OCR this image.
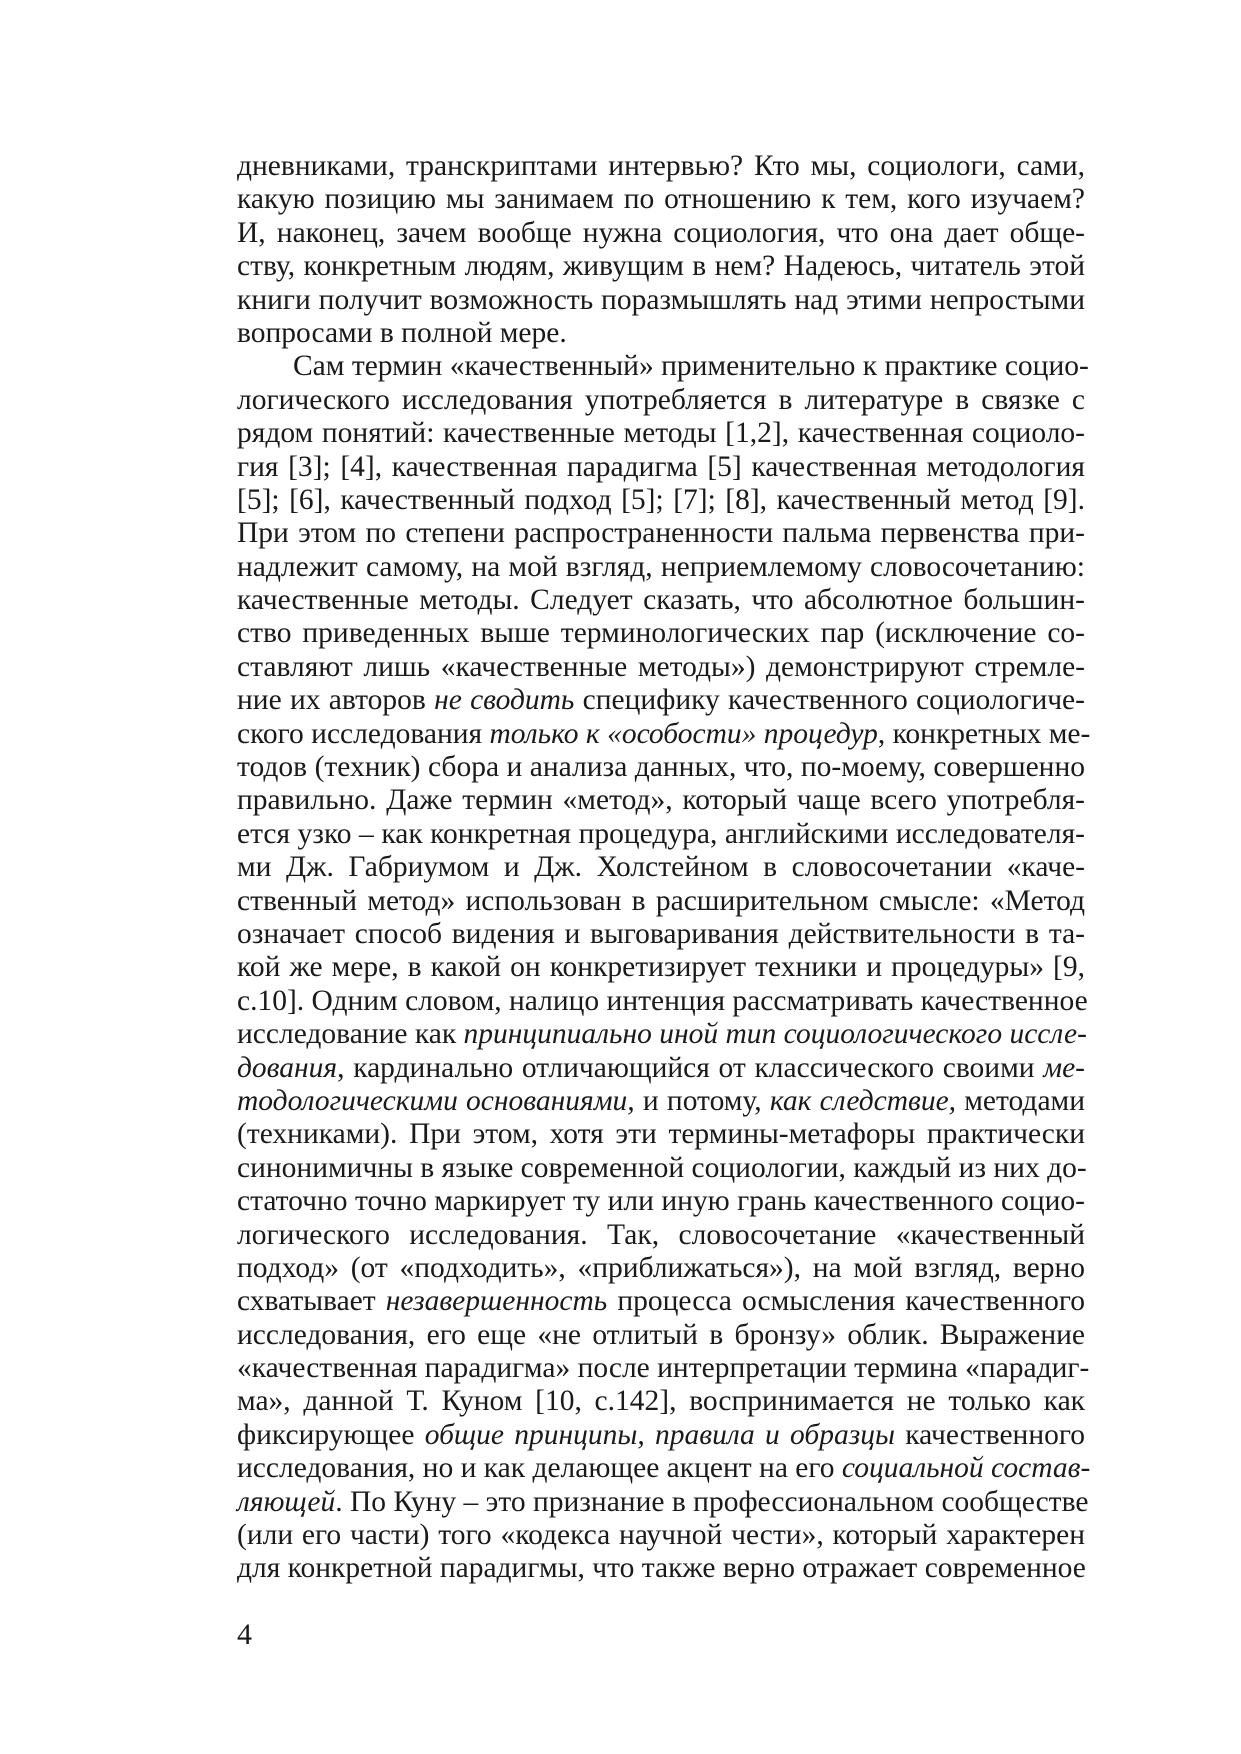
дневниками, транскриптами интервью? Кто мы, социологи, сами,
какую позицию мы занимаем по отношению к тем, кого изучаем?
И, наконец, зачем вообще нужна социология, что она дает обще-
ству, конкретным людям, живущим в нем? Надеюсь, читатель этой
книги получит возможность поразмышлять над этими непростыми
вопросами в полной мере.
Сам термин «качественный» применительно к практике социо-
логического исследования употребляется в литературе в связке с
рядом понятий: качественные методы [1,2], качественная социоло-
гия [3]; [4], качественная парадигма [5] качественная методология
[5]; [6], качественный подход [5]; [7]; [8], качественный метод [9].
При этом по степени распространенности пальма первенства при-
надлежит самому, на мой взгляд, неприемлемому словосочетанию:
качественные методы. Следует сказать, что абсолютное большин-
ство приведенных выше терминологических пар (исключение со-
ставляют лишь «качественные методы») демонстрируют стремле-
ние их авторов не сводить специфику качественного социологиче-
ского исследования только к «особости» процедур, конкретных ме-
тодов (техник) сбора и анализа данных, что, по-моему, совершенно
правильно. Даже термин «метод», который чаще всего употребля-
ется узко – как конкретная процедура, английскими исследователя-
ми Дж. Габриумом и Дж. Холстейном в словосочетании «каче-
ственный метод» использован в расширительном смысле: «Метод
означает способ видения и выговаривания действительности в та-
кой же мере, в какой он конкретизирует техники и процедуры» [9,
с.10]. Одним словом, налицо интенция рассматривать качественное
исследование как принципиально иной тип социологического иссле-
дования, кардинально отличающийся от классического своими ме-
тодологическими основаниями, и потому, как следствие, методами
(техниками). При этом, хотя эти термины-метафоры практически
синонимичны в языке современной социологии, каждый из них до-
статочно точно маркирует ту или иную грань качественного социо-
логического исследования. Так, словосочетание «качественный
подход» (от «подходить», «приближаться»), на мой взгляд, верно
схватывает незавершенность процесса осмысления качественного
исследования, его еще «не отлитый в бронзу» облик. Выражение
«качественная парадигма» после интерпретации термина «парадиг-
ма», данной Т. Куном [10, с.142], воспринимается не только как
фиксирующее общие принципы, правила и образцы качественного
исследования, но и как делающее акцент на его социальной состав-
ляющей. По Куну – это признание в профессиональном сообществе
(или его части) того «кодекса научной чести», который характерен
для конкретной парадигмы, что также верно отражает современное
4
